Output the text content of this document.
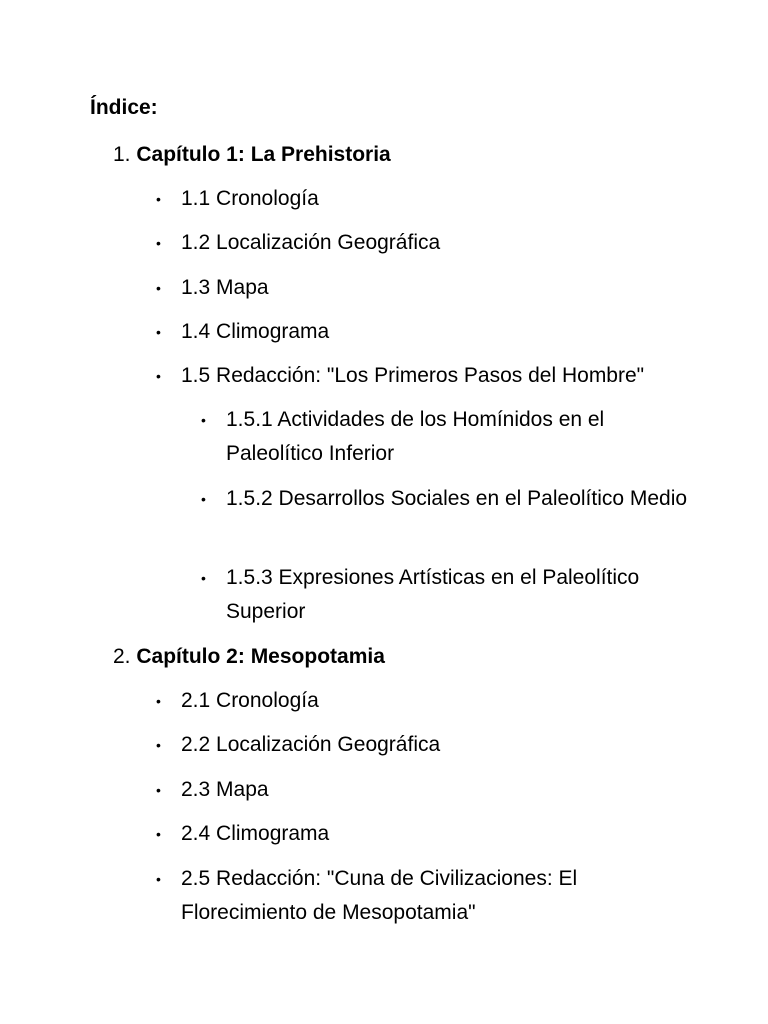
Índice:
1. Capítulo 1: La Prehistoria
• 1.1 Cronología
• 1.2 Localización Geográfica
• 1.3 Mapa
• 1.4 Climograma
• 1.5 Redacción: "Los Primeros Pasos del Hombre"
• 1.5.1 Actividades de los Homínidos en el Paleolítico Inferior
• 1.5.2 Desarrollos Sociales en el Paleolítico Medio
• 1.5.3 Expresiones Artísticas en el Paleolítico Superior
2. Capítulo 2: Mesopotamia
• 2.1 Cronología
• 2.2 Localización Geográfica
• 2.3 Mapa
• 2.4 Climograma
• 2.5 Redacción: "Cuna de Civilizaciones: El Florecimiento de Mesopotamia"
